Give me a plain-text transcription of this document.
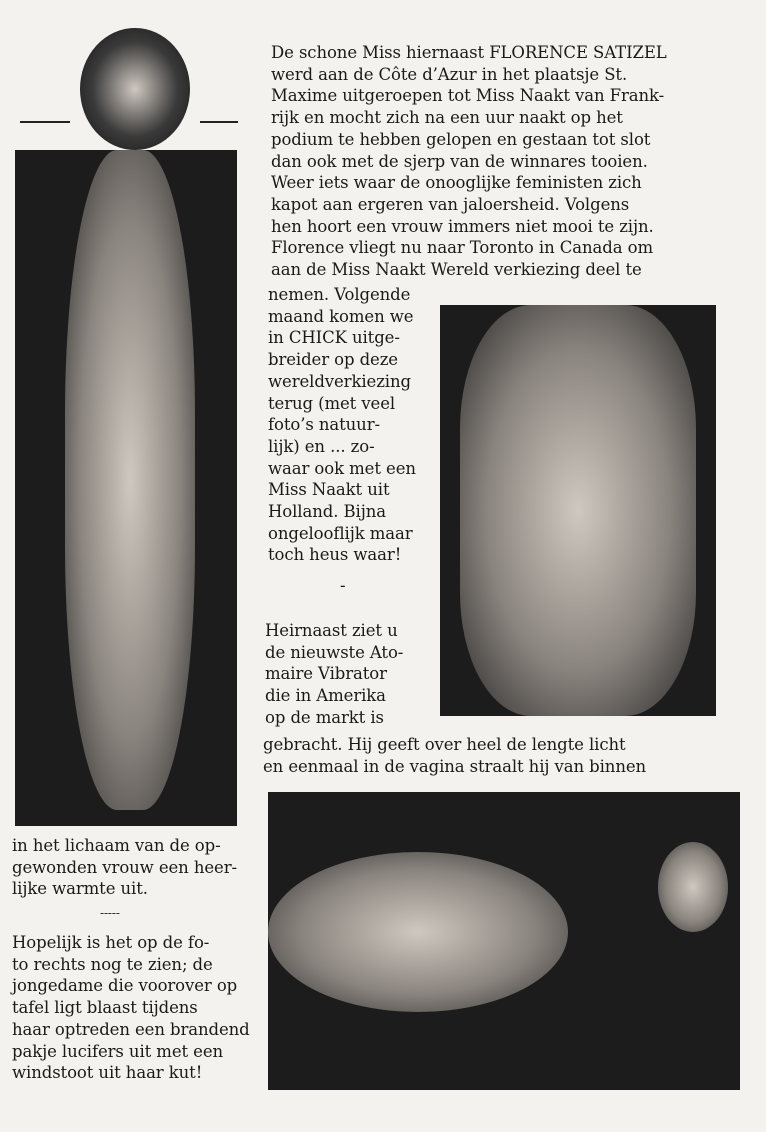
De schone Miss hiernaast FLORENCE SATIZEL
werd aan de Côte d’Azur in het plaatsje St.
Maxime uitgeroepen tot Miss Naakt van Frank-
rijk en mocht zich na een uur naakt op het
podium te hebben gelopen en gestaan tot slot
dan ook met de sjerp van de winnares tooien.
Weer iets waar de onooglijke feministen zich
kapot aan ergeren van jaloersheid. Volgens
hen hoort een vrouw immers niet mooi te zijn.
Florence vliegt nu naar Toronto in Canada om
aan de Miss Naakt Wereld verkiezing deel te
nemen. Volgende
maand komen we
in CHICK uitge-
breider op deze
wereldverkiezing
terug (met veel
foto’s natuur-
lijk) en ... zo-
waar ook met een
Miss Naakt uit
Holland. Bijna
ongelooflijk maar
toch heus waar!
-
Heirnaast ziet u
de nieuwste Ato-
maire Vibrator
die in Amerika
op de markt is
gebracht. Hij geeft over heel de lengte licht
en eenmaal in de vagina straalt hij van binnen
in het lichaam van de op-
gewonden vrouw een heer-
lijke warmte uit.
-----
Hopelijk is het op de fo-
to rechts nog te zien; de
jongedame die voorover op
tafel ligt blaast tijdens
haar optreden een brandend
pakje lucifers uit met een
windstoot uit haar kut!
